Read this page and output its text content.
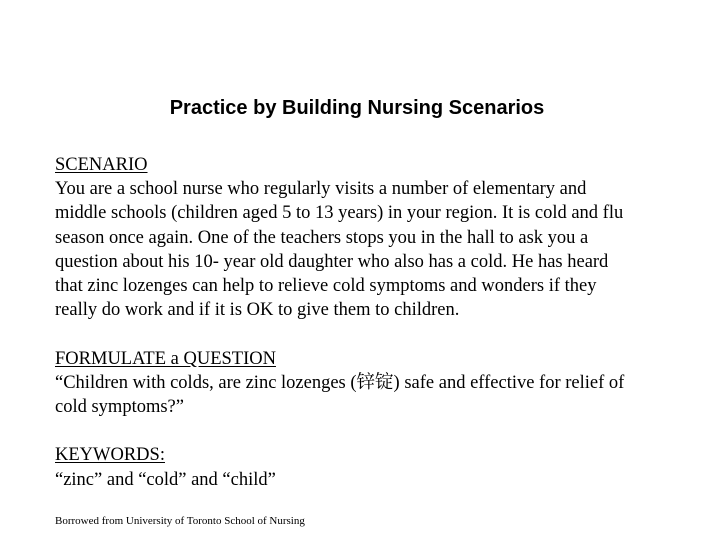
Practice by Building Nursing Scenarios
SCENARIO
You are a school nurse who regularly visits a number of elementary and
middle schools (children aged 5 to 13 years) in your region. It is cold and flu
season once again. One of the teachers stops you in the hall to ask you a
question about his 10- year old daughter who also has a cold. He has heard
that zinc lozenges can help to relieve cold symptoms and wonders if they
really do work and if it is OK to give them to children.
FORMULATE a QUESTION
“Children with colds, are zinc lozenges (锌锭) safe and effective for relief of
cold symptoms?”
KEYWORDS:
“zinc” and “cold” and “child”

Borrowed from University of Toronto School of Nursing
